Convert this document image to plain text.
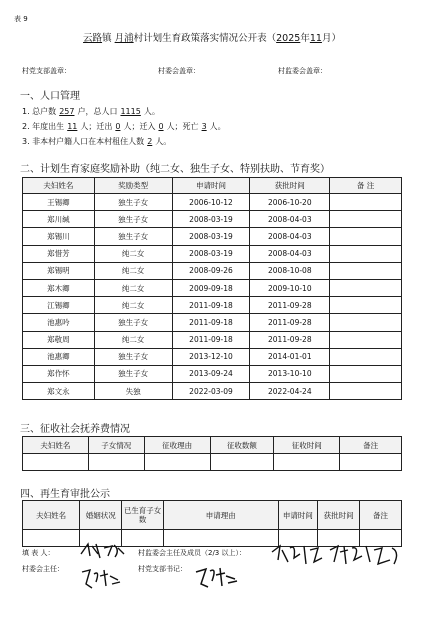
表 9
云路镇 月浦村计划生育政策落实情况公开表（2025年11月）
村党支部盖章：	村委会盖章：	村监委会盖章：
一、人口管理
1. 总户数 257 户，总人口 1115 人。
2. 年度出生 11 人；迁出 0 人；迁入 0 人；死亡 3 人。
3. 非本村户籍人口在本村租住人数 2 人。
二、计划生育家庭奖励补助（纯二女、独生子女、特别扶助、节育奖）
夫妇姓名	奖励类型	申请时间	获批时间	备 注
王锡卿	独生子女	2006-10-12	2006-10-20	
郑川缄	独生子女	2008-03-19	2008-04-03	
郑锡川	独生子女	2008-03-19	2008-04-03	
郑惜芳	纯二女	2008-03-19	2008-04-03	
郑锡明	纯二女	2008-09-26	2008-10-08	
郑木卿	纯二女	2009-09-18	2009-10-10	
江锡卿	纯二女	2011-09-18	2011-09-28	
池惠吟	独生子女	2011-09-18	2011-09-28	
郑敬周	纯二女	2011-09-18	2011-09-28	
池惠卿	独生子女	2013-12-10	2014-01-01	
郑作怀	独生子女	2013-09-24	2013-10-10	
郑文永	失独	2022-03-09	2022-04-24	
三、征收社会抚养费情况
夫妇姓名	子女情况	征收理由	征收数额	征收时间	备注

四、再生育审批公示
夫妇姓名	婚姻状况	已生育子女数	申请理由	申请时间	获批时间	备注

填 表 人：
村委会主任：
村监委会主任及成员（2/3 以上）：
村党支部书记：
